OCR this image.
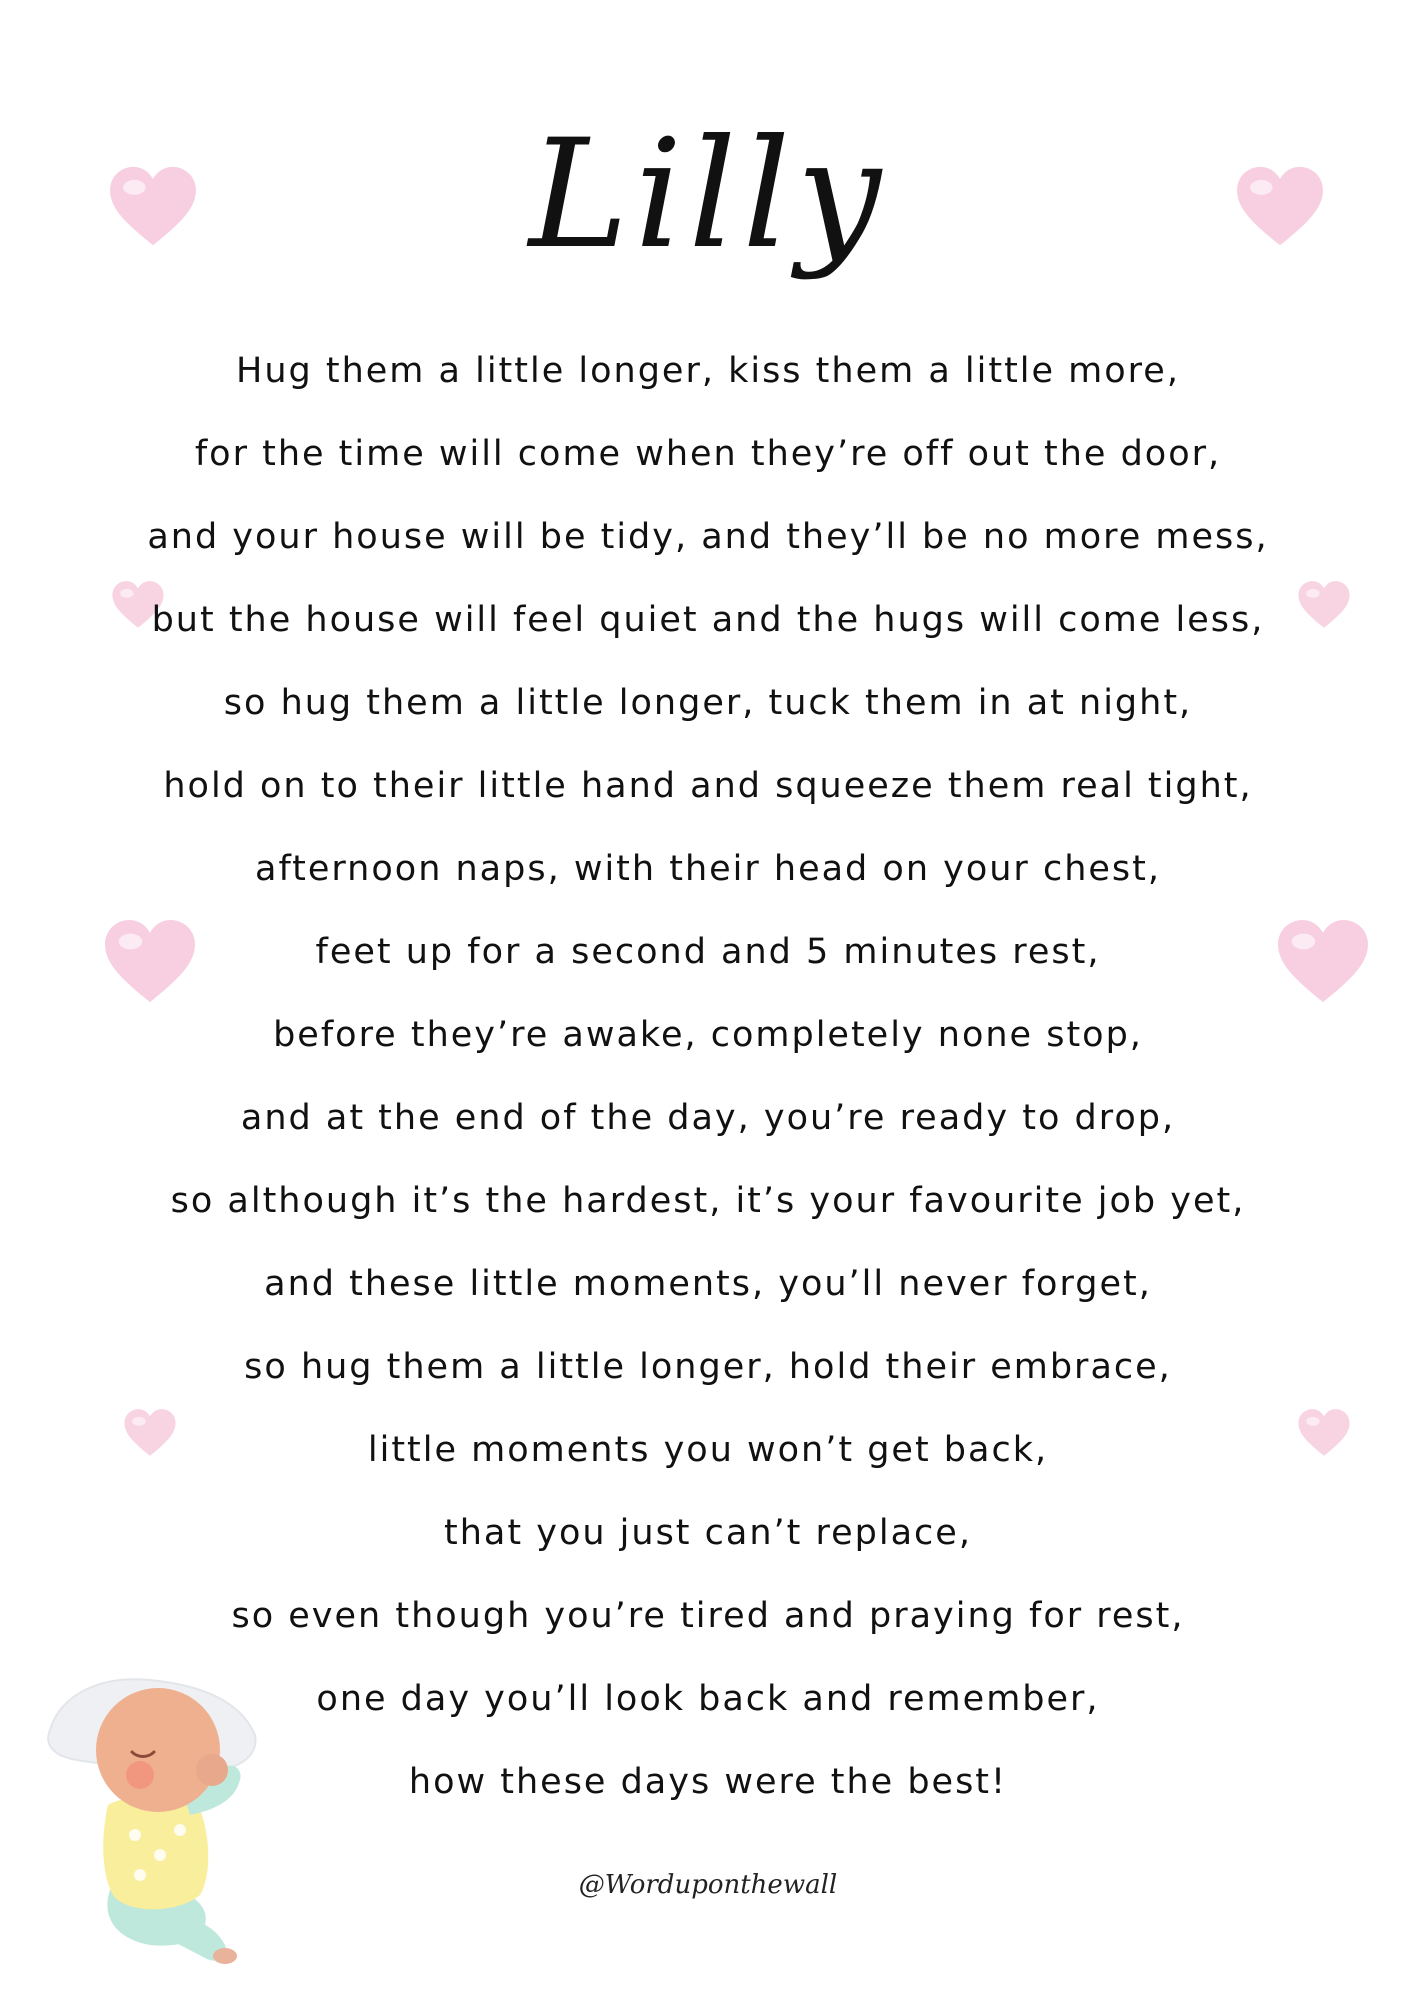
Lilly
Hug them a little longer, kiss them a little more,
for the time will come when they’re off out the door,
and your house will be tidy, and they’ll be no more mess,
but the house will feel quiet and the hugs will come less,
so hug them a little longer, tuck them in at night,
hold on to their little hand and squeeze them real tight,
afternoon naps, with their head on your chest,
feet up for a second and 5 minutes rest,
before they’re awake, completely none stop,
and at the end of the day, you’re ready to drop,
so although it’s the hardest, it’s your favourite job yet,
and these little moments, you’ll never forget,
so hug them a little longer, hold their embrace,
little moments you won’t get back,
that you just can’t replace,
so even though you’re tired and praying for rest,
one day you’ll look back and remember,
how these days were the best!
@Worduponthewall
